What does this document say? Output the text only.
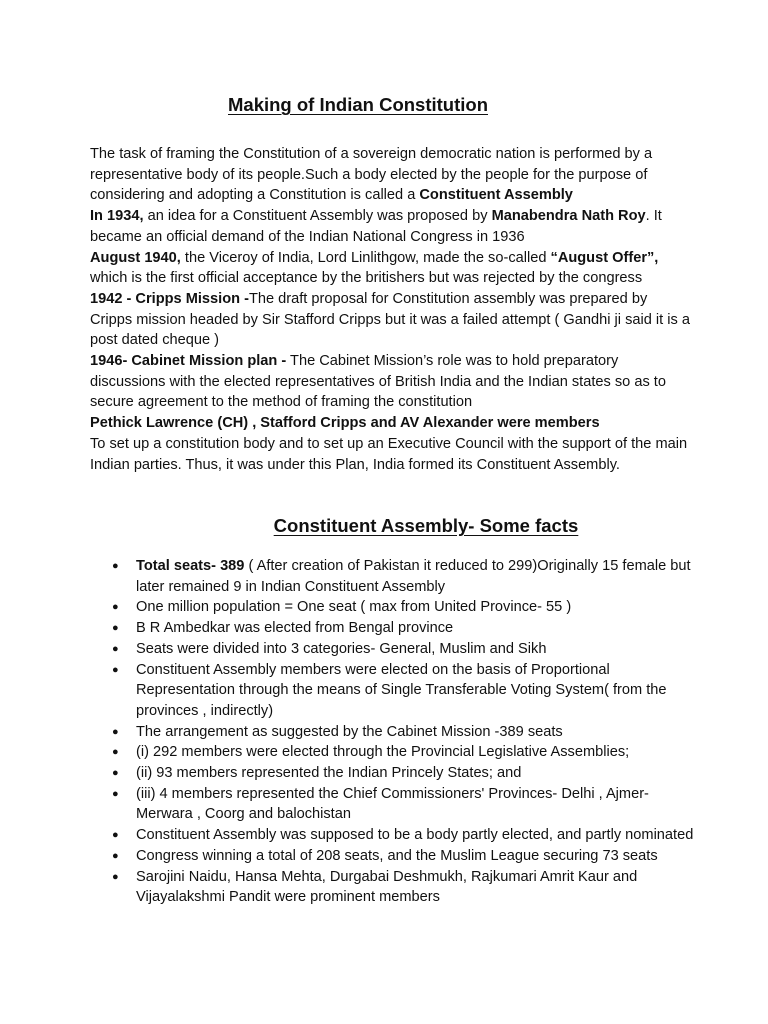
Making of Indian Constitution

The task of framing the Constitution of a sovereign democratic nation is performed by a representative body of its people.Such a body elected by the people for the purpose of considering and adopting a Constitution is called a Constituent Assembly

In 1934, an idea for a Constituent Assembly was proposed by Manabendra Nath Roy. It became an official demand of the Indian National Congress in 1936

August 1940, the Viceroy of India, Lord Linlithgow, made the so-called “August Offer”, which is the first official acceptance by the britishers but was rejected by the congress

1942 - Cripps Mission -The draft proposal for Constitution assembly was prepared by Cripps mission headed by Sir Stafford Cripps but it was a failed attempt ( Gandhi ji said it is a post dated cheque )

1946- Cabinet Mission plan - The Cabinet Mission’s role was to hold preparatory discussions with the elected representatives of British India and the Indian states so as to secure agreement to the method of framing the constitution

Pethick Lawrence (CH) , Stafford Cripps and AV Alexander were members

To set up a constitution body and to set up an Executive Council with the support of the main Indian parties. Thus, it was under this Plan, India formed its Constituent Assembly.

Constituent Assembly- Some facts
● Total seats- 389 ( After creation of Pakistan it reduced to 299)Originally 15 female but later remained 9 in Indian Constituent Assembly
● One million population = One seat ( max from United Province- 55 )
● B R Ambedkar was elected from Bengal province
● Seats were divided into 3 categories- General, Muslim and Sikh
● Constituent Assembly members were elected on the basis of Proportional Representation through the means of Single Transferable Voting System( from the provinces , indirectly)
● The arrangement as suggested by the Cabinet Mission -389 seats
● (i) 292 members were elected through the Provincial Legislative Assemblies;
● (ii) 93 members represented the Indian Princely States; and
● (iii) 4 members represented the Chief Commissioners' Provinces- Delhi , Ajmer-Merwara , Coorg and balochistan
● Constituent Assembly was supposed to be a body partly elected, and partly nominated
● Congress winning a total of 208 seats, and the Muslim League securing 73 seats
● Sarojini Naidu, Hansa Mehta, Durgabai Deshmukh, Rajkumari Amrit Kaur and Vijayalakshmi Pandit were prominent members
